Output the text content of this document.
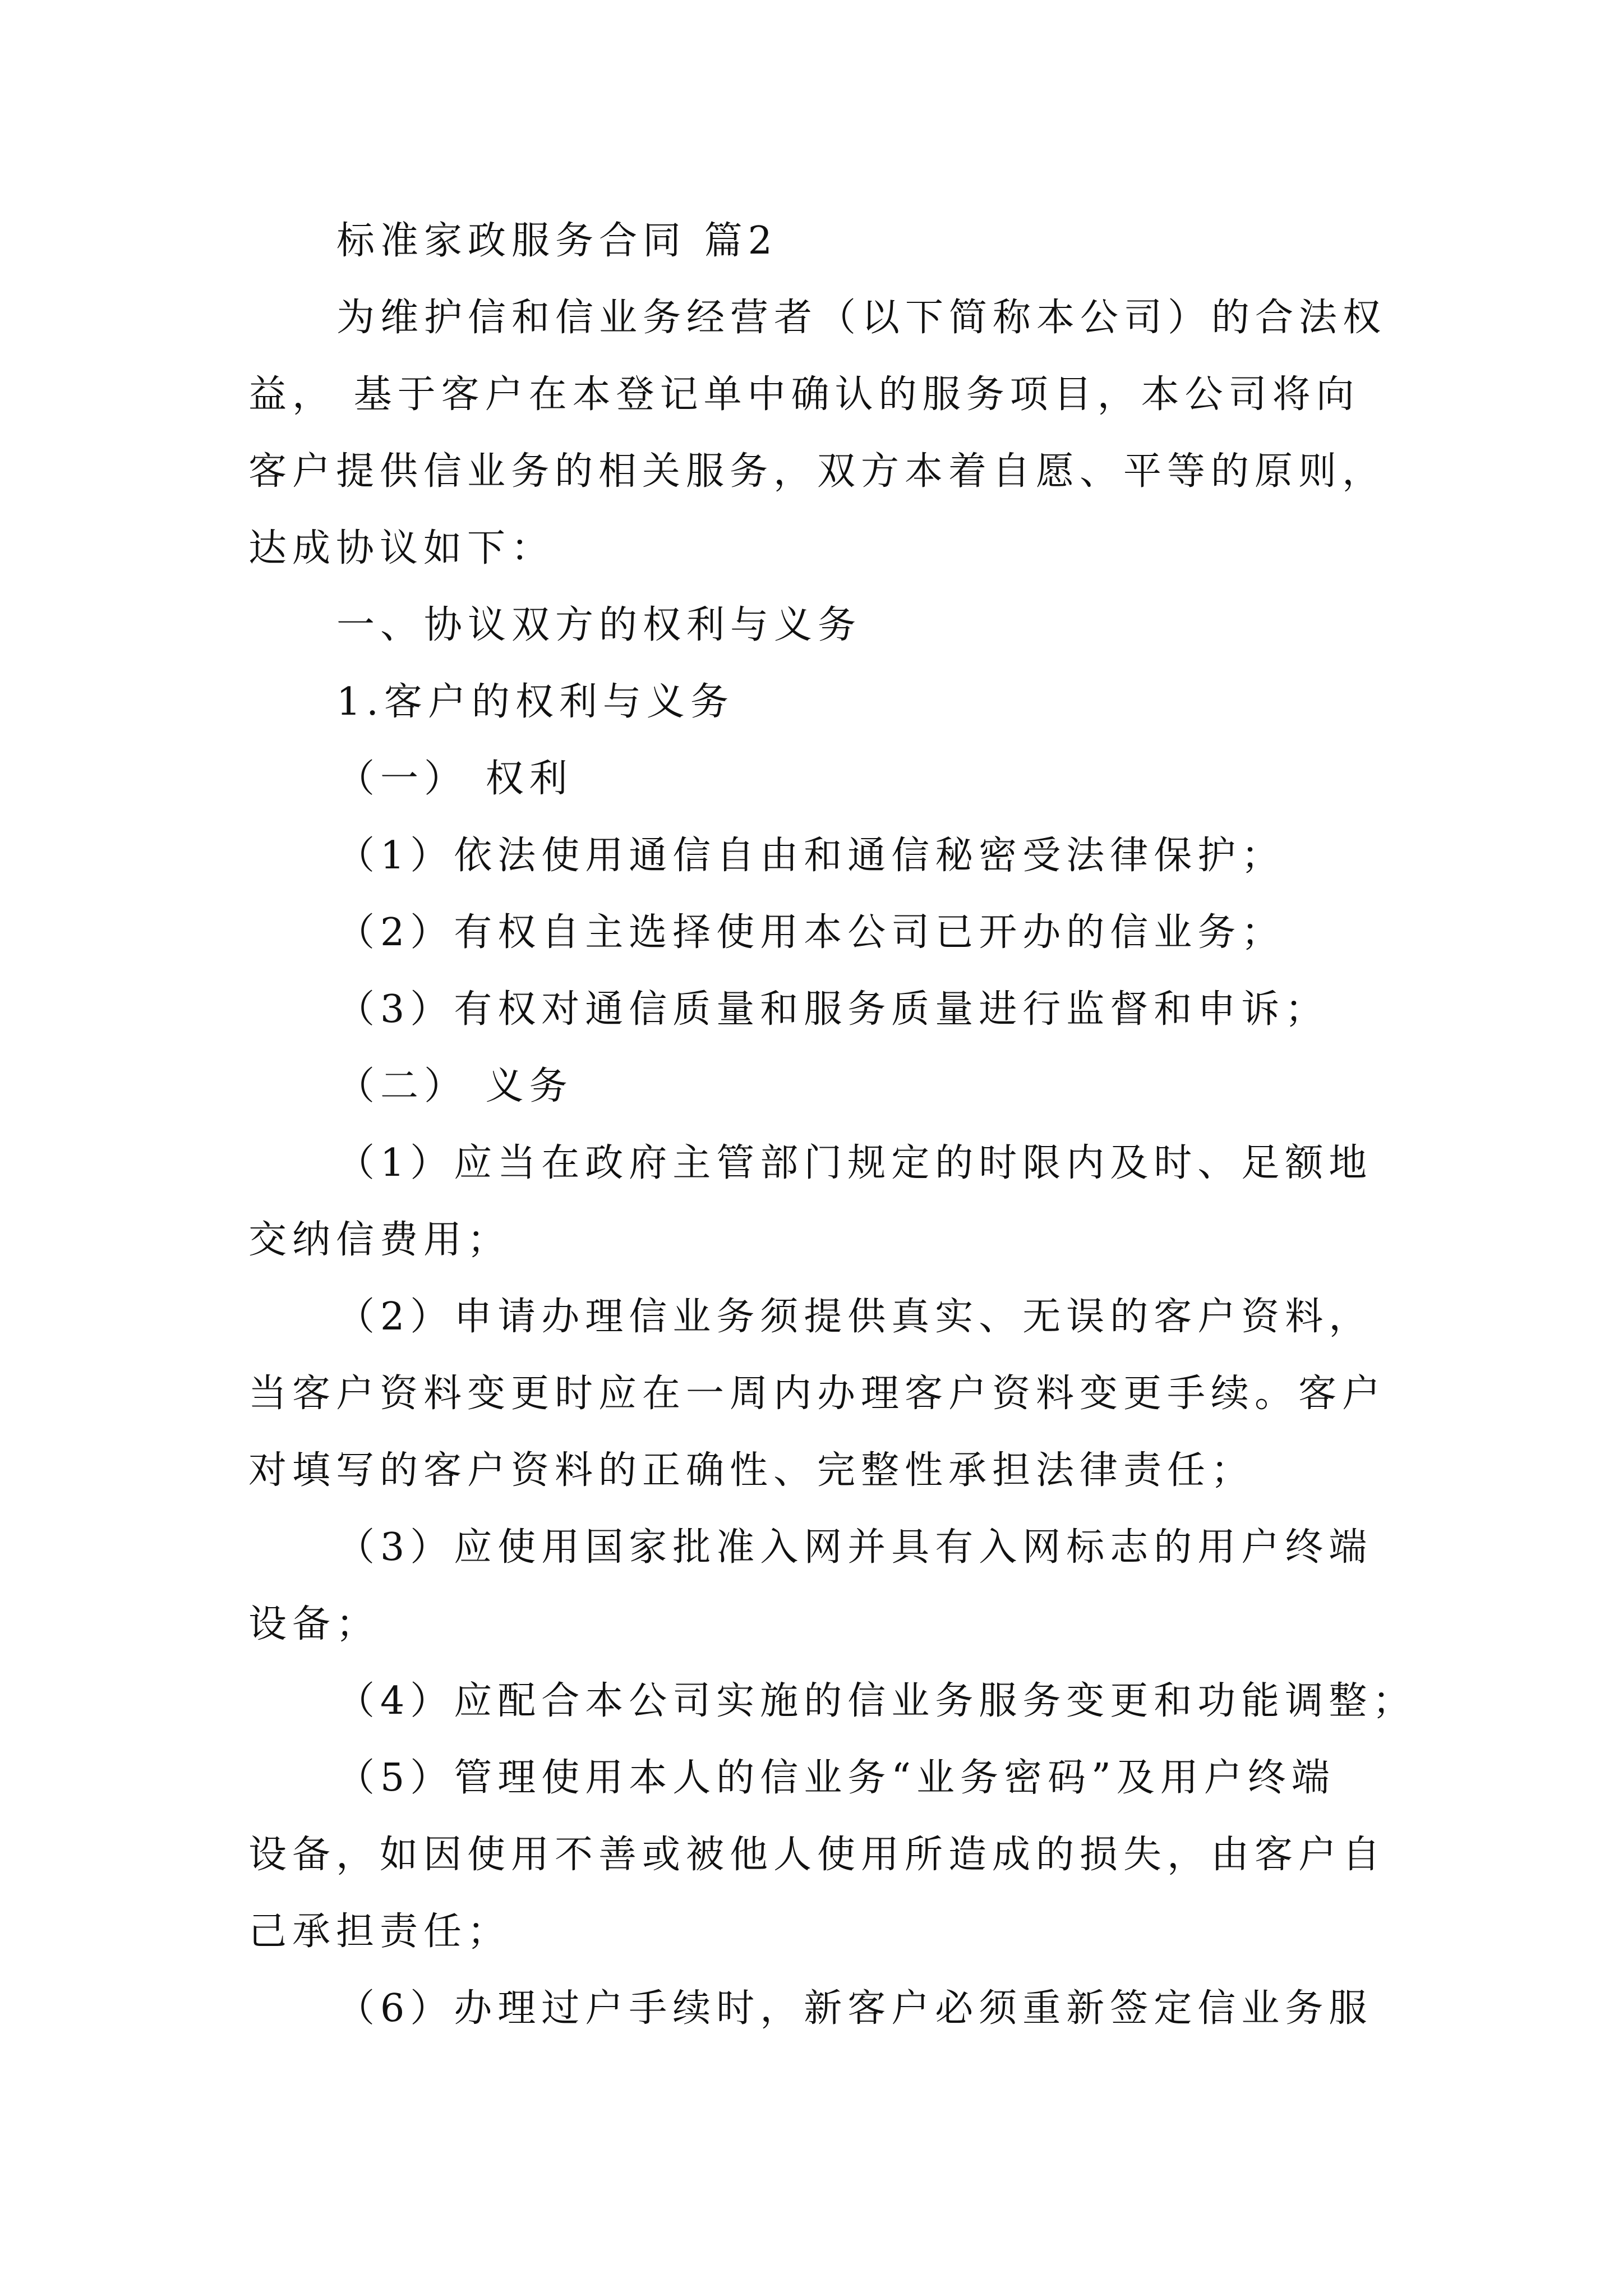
标准家政服务合同 篇2

为维护信和信业务经营者（以下简称本公司）的合法权

益， 基于客户在本登记单中确认的服务项目，本公司将向

客户提供信业务的相关服务，双方本着自愿、平等的原则，

达成协议如下：

一、协议双方的权利与义务

1.客户的权利与义务

（一） 权利

（1）依法使用通信自由和通信秘密受法律保护；

（2）有权自主选择使用本公司已开办的信业务；

（3）有权对通信质量和服务质量进行监督和申诉；

（二） 义务

（1）应当在政府主管部门规定的时限内及时、足额地

交纳信费用；

（2）申请办理信业务须提供真实、无误的客户资料，

当客户资料变更时应在一周内办理客户资料变更手续。客户

对填写的客户资料的正确性、完整性承担法律责任；

（3）应使用国家批准入网并具有入网标志的用户终端

设备；

（4）应配合本公司实施的信业务服务变更和功能调整；

（5）管理使用本人的信业务“业务密码”及用户终端

设备，如因使用不善或被他人使用所造成的损失，由客户自

己承担责任；

（6）办理过户手续时，新客户必须重新签定信业务服
